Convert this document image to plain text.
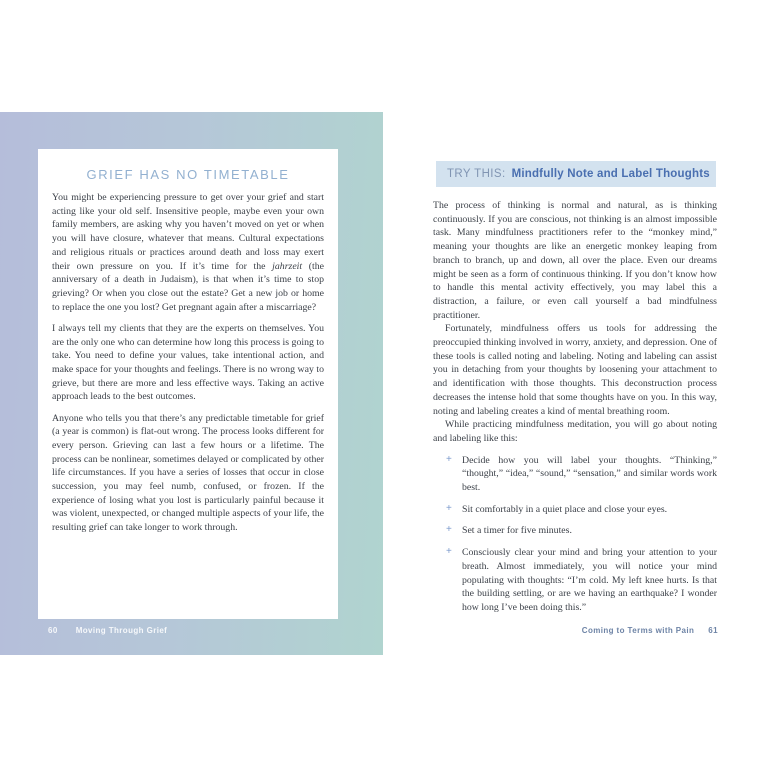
GRIEF HAS NO TIMETABLE

You might be experiencing pressure to get over your grief and start acting like your old self. Insensitive people, maybe even your own family members, are asking why you haven’t moved on yet or when you will have closure, whatever that means. Cultural expectations and religious rituals or practices around death and loss may exert their own pressure on you. If it’s time for the jahrzeit (the anniversary of a death in Judaism), is that when it’s time to stop grieving? Or when you close out the estate? Get a new job or home to replace the one you lost? Get pregnant again after a miscarriage?

I always tell my clients that they are the experts on themselves. You are the only one who can determine how long this process is going to take. You need to define your values, take intentional action, and make space for your thoughts and feelings. There is no wrong way to grieve, but there are more and less effective ways. Taking an active approach leads to the best outcomes.

Anyone who tells you that there’s any predictable timetable for grief (a year is common) is flat-out wrong. The process looks different for every person. Grieving can last a few hours or a lifetime. The process can be nonlinear, sometimes delayed or complicated by other life circumstances. If you have a series of losses that occur in close succession, you may feel numb, confused, or frozen. If the experience of losing what you lost is particularly painful because it was violent, unexpected, or changed multiple aspects of your life, the resulting grief can take longer to work through.

60 Moving Through Grief
TRY THIS: Mindfully Note and Label Thoughts

The process of thinking is normal and natural, as is thinking continuously. If you are conscious, not thinking is an almost impossible task. Many mindfulness practitioners refer to the “monkey mind,” meaning your thoughts are like an energetic monkey leaping from branch to branch, up and down, all over the place. Even our dreams might be seen as a form of continuous thinking. If you don’t know how to handle this mental activity effectively, you may label this a distraction, a failure, or even call yourself a bad mindfulness practitioner.

Fortunately, mindfulness offers us tools for addressing the preoccupied thinking involved in worry, anxiety, and depression. One of these tools is called noting and labeling. Noting and labeling can assist you in detaching from your thoughts by loosening your attachment to and identification with those thoughts. This deconstruction process decreases the intense hold that some thoughts have on you. In this way, noting and labeling creates a kind of mental breathing room.

While practicing mindfulness meditation, you will go about noting and labeling like this:

+ Decide how you will label your thoughts. “Thinking,” “thought,” “idea,” “sound,” “sensation,” and similar words work best.
+ Sit comfortably in a quiet place and close your eyes.
+ Set a timer for five minutes.
+ Consciously clear your mind and bring your attention to your breath. Almost immediately, you will notice your mind populating with thoughts: “I’m cold. My left knee hurts. Is that the building settling, or are we having an earthquake? I wonder how long I’ve been doing this.”
Coming to Terms with Pain 61
